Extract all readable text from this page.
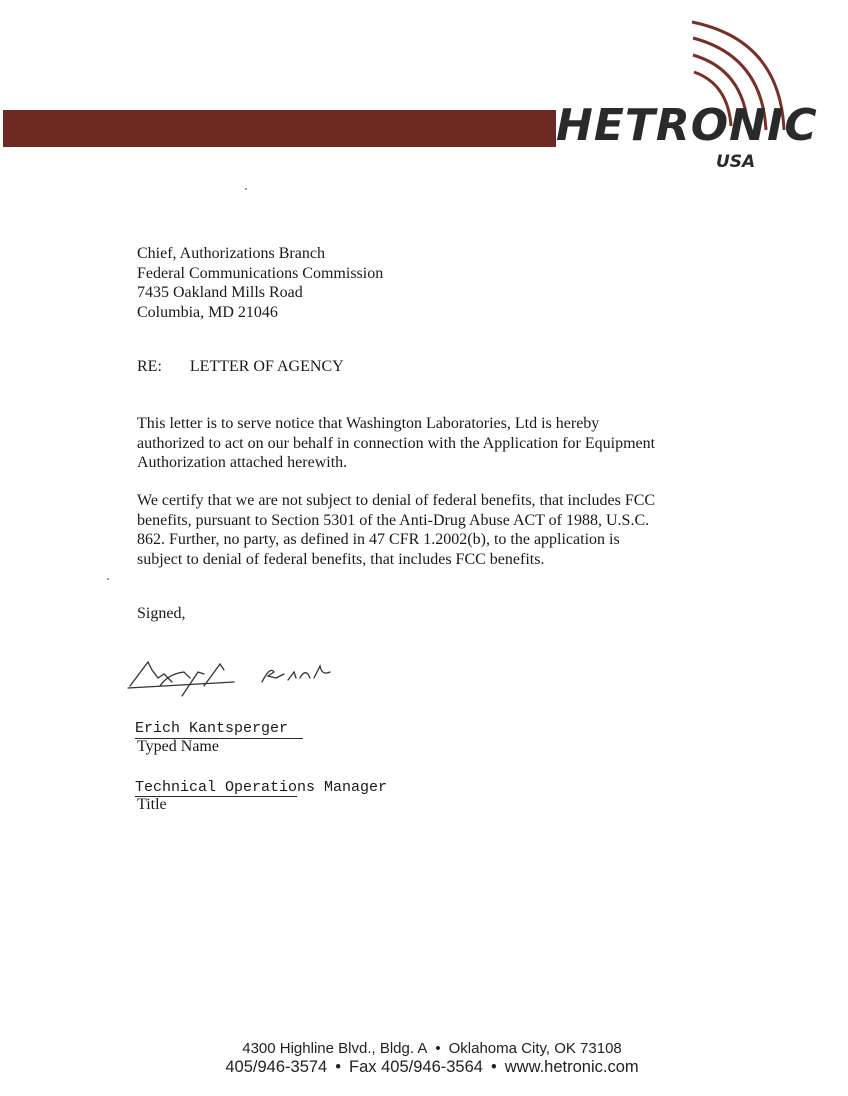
HETRONIC
USA
Chief, Authorizations Branch
Federal Communications Commission
7435 Oakland Mills Road
Columbia, MD 21046
RE: LETTER OF AGENCY
This letter is to serve notice that Washington Laboratories, Ltd is hereby
authorized to act on our behalf in connection with the Application for Equipment
Authorization attached herewith.
We certify that we are not subject to denial of federal benefits, that includes FCC
benefits, pursuant to Section 5301 of the Anti-Drug Abuse ACT of 1988, U.S.C.
862. Further, no party, as defined in 47 CFR 1.2002(b), to the application is
subject to denial of federal benefits, that includes FCC benefits.
Signed,
Erich Kantsperger
Typed Name
Technical Operations Manager
Title
4300 Highline Blvd., Bldg. A • Oklahoma City, OK 73108
405/946-3574 • Fax 405/946-3564 • www.hetronic.com
